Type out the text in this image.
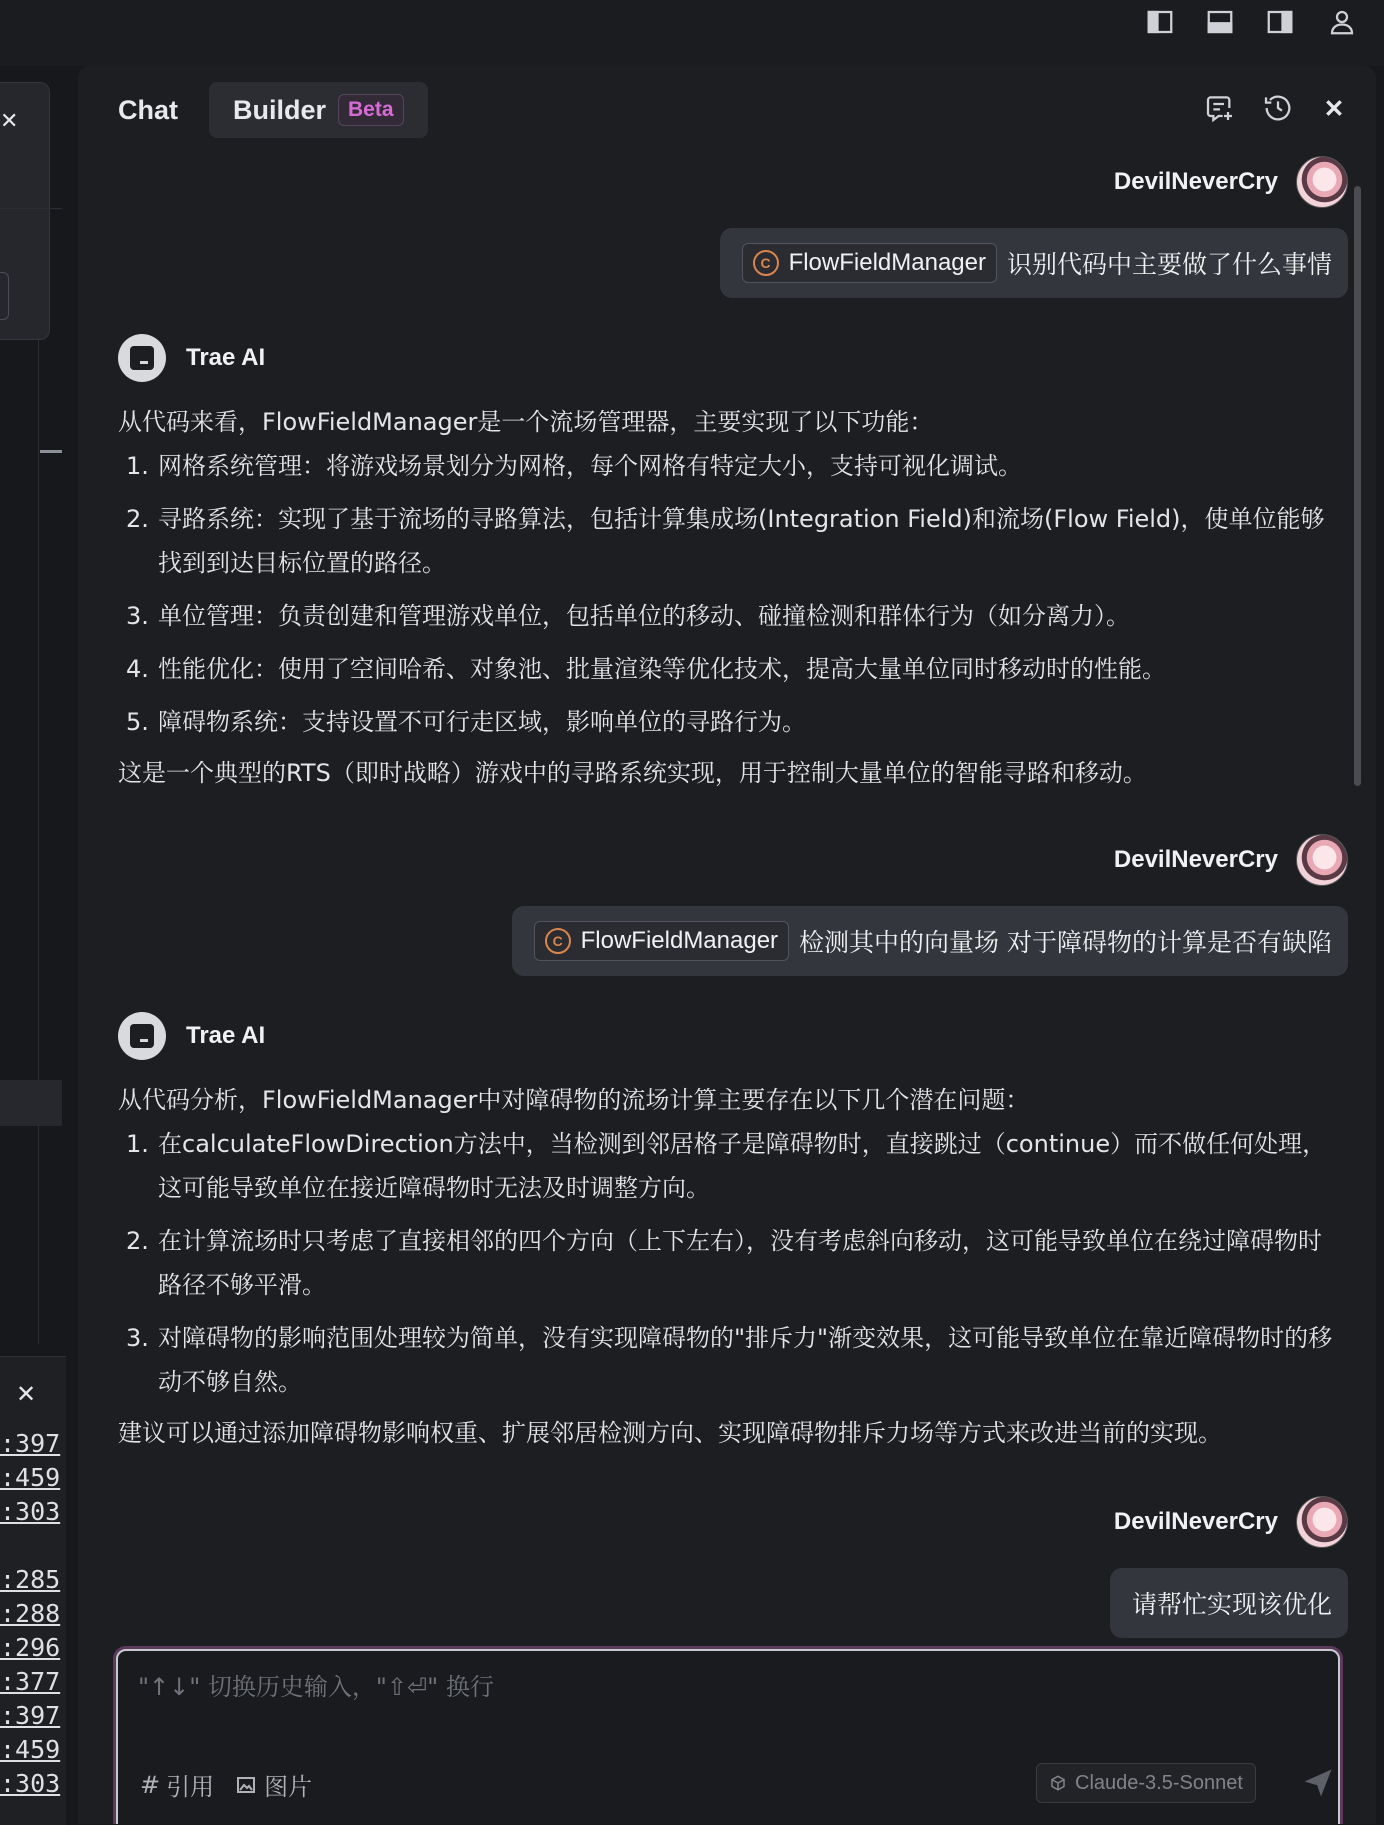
✕
✕
:397
:459
:303
:285
:288
:296
:377
:397
:459
:303
Chat Builder	Beta
DevilNeverCry
C FlowFieldManager 识别代码中主要做了什么事情
Trae AI
从代码来看，FlowFieldManager是一个流场管理器，主要实现了以下功能：
1. 网格系统管理：将游戏场景划分为网格，每个网格有特定大小，支持可视化调试。
2. 寻路系统：实现了基于流场的寻路算法，包括计算集成场(Integration Field)和流场(Flow Field)，使单位能够找到到达目标位置的路径。
3. 单位管理：负责创建和管理游戏单位，包括单位的移动、碰撞检测和群体行为（如分离力）。
4. 性能优化：使用了空间哈希、对象池、批量渲染等优化技术，提高大量单位同时移动时的性能。
5. 障碍物系统：支持设置不可行走区域，影响单位的寻路行为。
这是一个典型的RTS（即时战略）游戏中的寻路系统实现，用于控制大量单位的智能寻路和移动。
DevilNeverCry
C FlowFieldManager 检测其中的向量场 对于障碍物的计算是否有缺陷
Trae AI
从代码分析，FlowFieldManager中对障碍物的流场计算主要存在以下几个潜在问题：
1. 在calculateFlowDirection方法中，当检测到邻居格子是障碍物时，直接跳过（continue）而不做任何处理，这可能导致单位在接近障碍物时无法及时调整方向。
2. 在计算流场时只考虑了直接相邻的四个方向（上下左右），没有考虑斜向移动，这可能导致单位在绕过障碍物时路径不够平滑。
3. 对障碍物的影响范围处理较为简单，没有实现障碍物的"排斥力"渐变效果，这可能导致单位在靠近障碍物时的移动不够自然。
建议可以通过添加障碍物影响权重、扩展邻居检测方向、实现障碍物排斥力场等方式来改进当前的实现。
DevilNeverCry
请帮忙实现该优化
"↑↓" 切换历史输入，"⇧⏎" 换行
# 引用 图片	Claude-3.5-Sonnet
